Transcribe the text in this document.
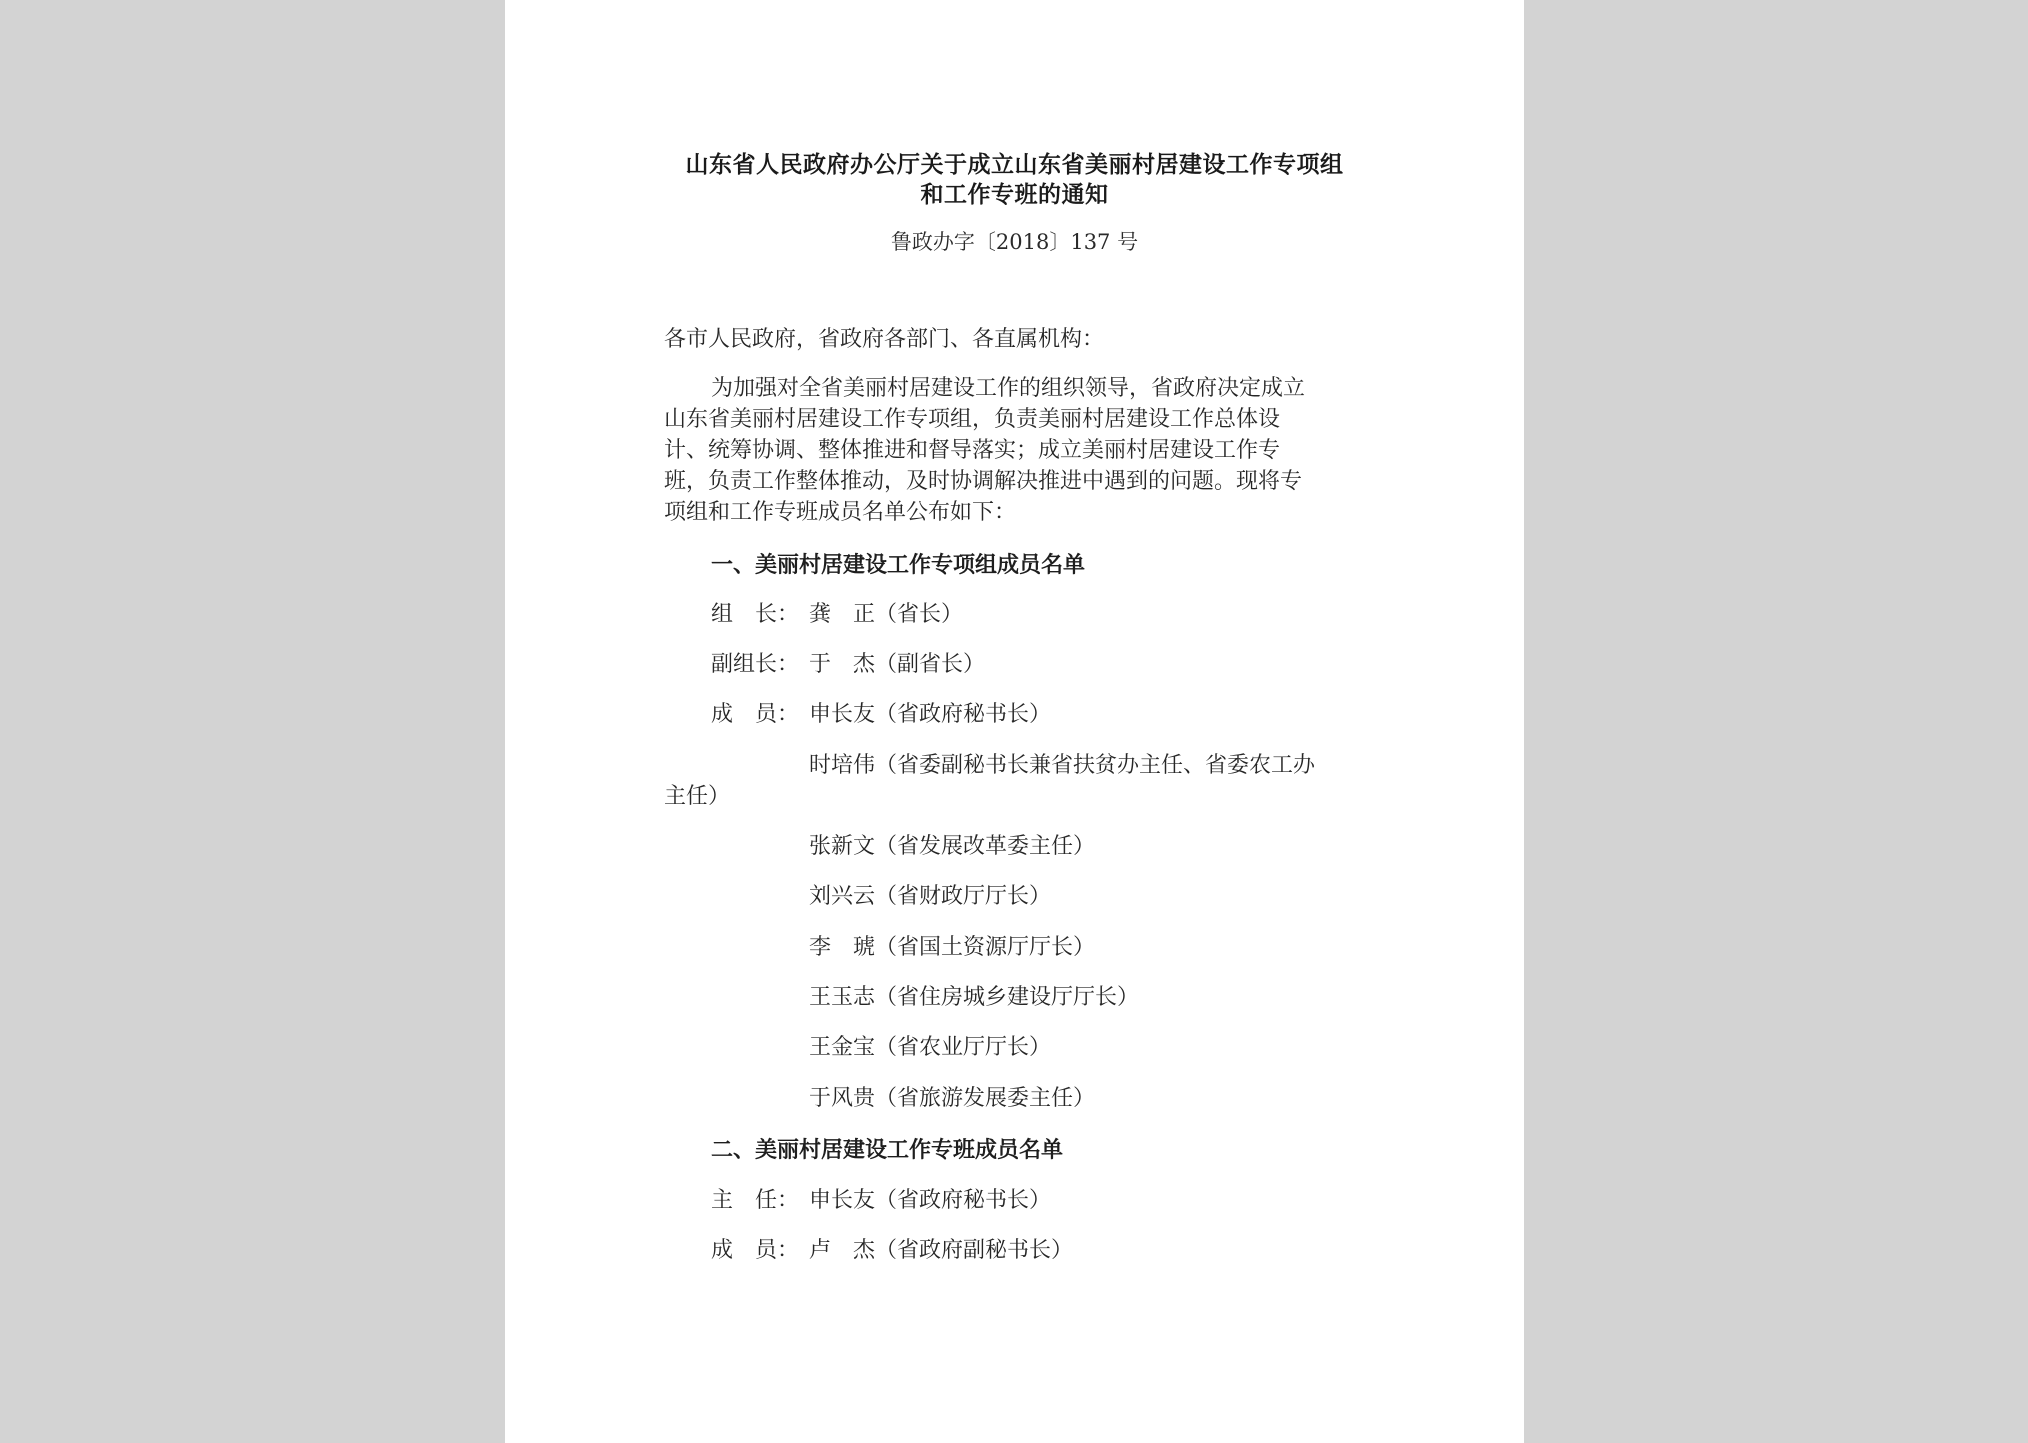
山东省人民政府办公厅关于成立山东省美丽村居建设工作专项组
和工作专班的通知
鲁政办字〔2018〕137 号
各市人民政府，省政府各部门、各直属机构：
为加强对全省美丽村居建设工作的组织领导，省政府决定成立
山东省美丽村居建设工作专项组，负责美丽村居建设工作总体设
计、统筹协调、整体推进和督导落实；成立美丽村居建设工作专
班，负责工作整体推动，及时协调解决推进中遇到的问题。现将专
项组和工作专班成员名单公布如下：
一、美丽村居建设工作专项组成员名单
组　长： 龚　正（省长）
副组长： 于　杰（副省长）
成　员： 申长友（省政府秘书长）
时培伟（省委副秘书长兼省扶贫办主任、省委农工办
主任）
张新文（省发展改革委主任）
刘兴云（省财政厅厅长）
李　琥（省国土资源厅厅长）
王玉志（省住房城乡建设厅厅长）
王金宝（省农业厅厅长）
于风贵（省旅游发展委主任）
二、美丽村居建设工作专班成员名单
主　任： 申长友（省政府秘书长）
成　员： 卢　杰（省政府副秘书长）
